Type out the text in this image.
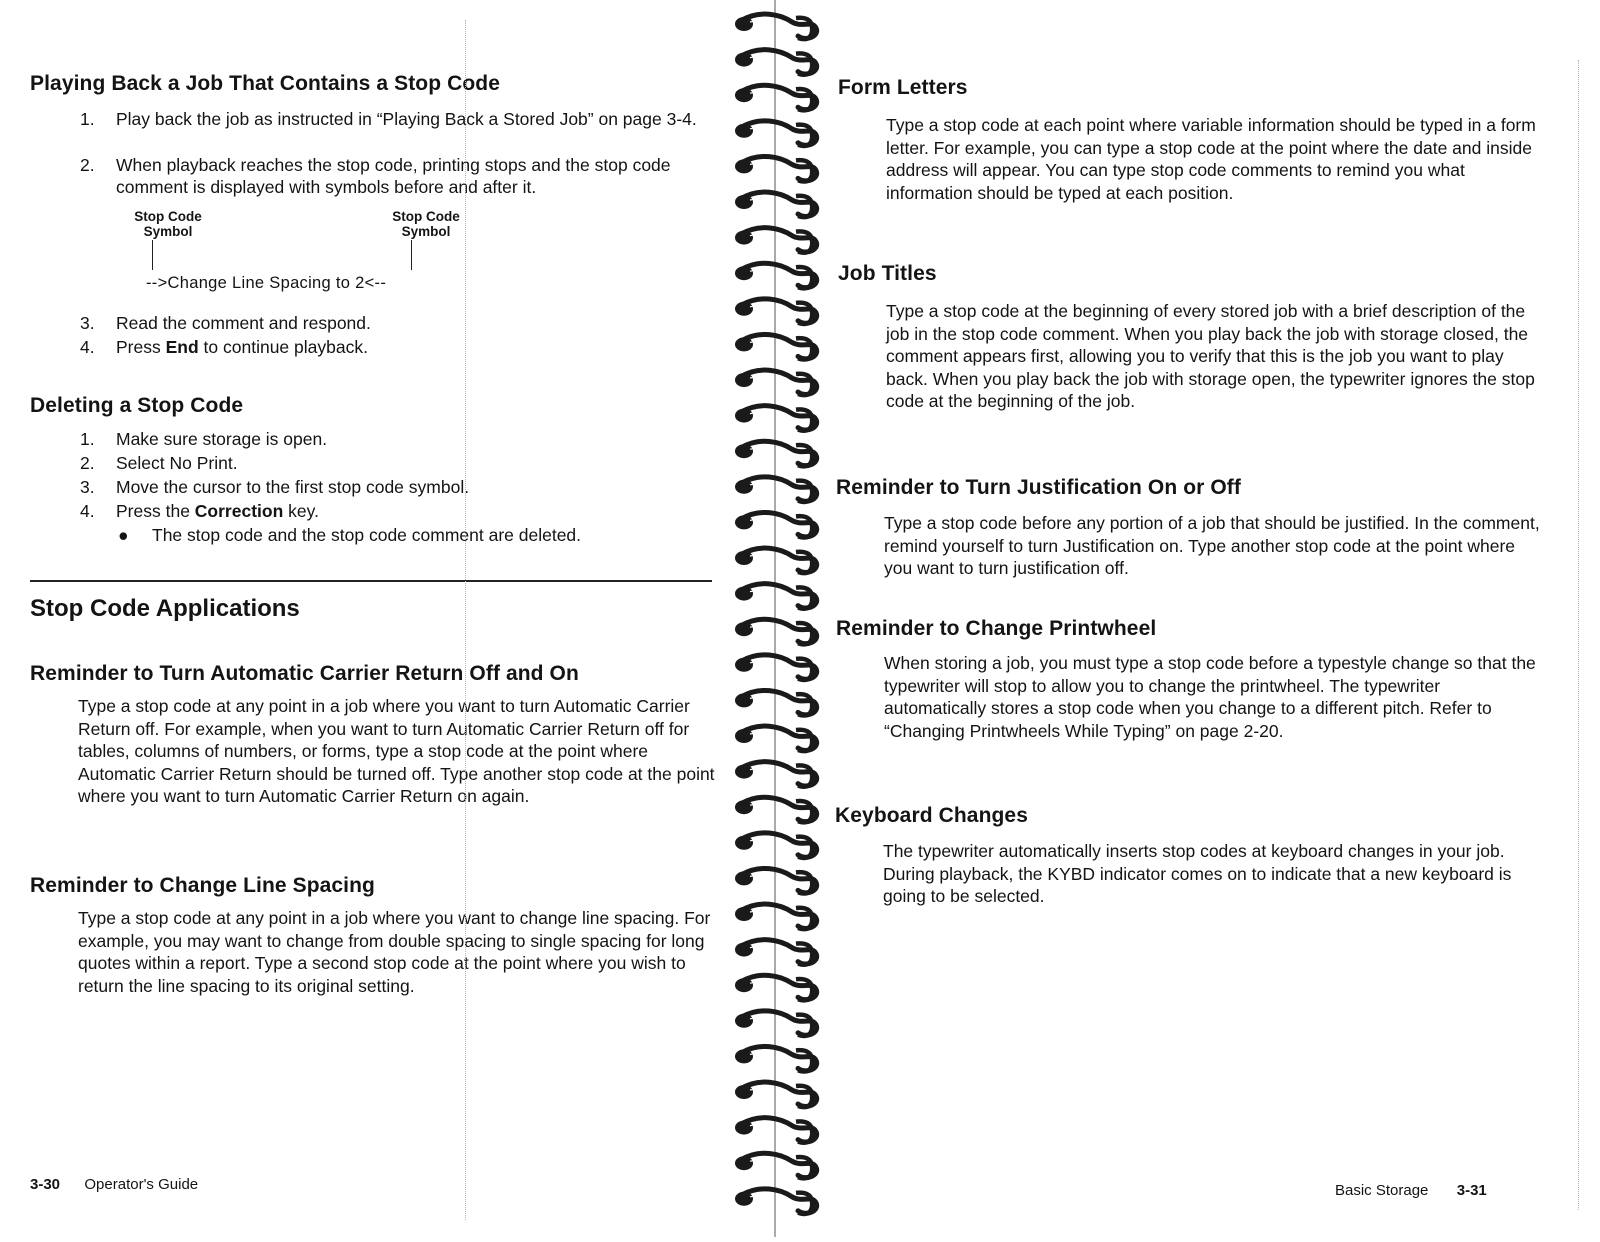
Playing Back a Job That Contains a Stop Code
1.	Play back the job as instructed in “Playing Back a Stored Job” on page 3-4.
2.	When playback reaches the stop code, printing stops and the stop code comment is displayed with symbols before and after it.
Stop Code
Symbol
Stop Code
Symbol
-->Change Line Spacing to 2<--
3.	Read the comment and respond.
4.	Press End to continue playback.
Deleting a Stop Code
1.	Make sure storage is open.
2.	Select No Print.
3.	Move the cursor to the first stop code symbol.
4.	Press the Correction key.
● The stop code and the stop code comment are deleted.
Stop Code Applications
Reminder to Turn Automatic Carrier Return Off and On
Type a stop code at any point in a job where you want to turn Automatic Carrier Return off. For example, when you want to turn Automatic Carrier Return off for tables, columns of numbers, or forms, type a stop code at the point where Automatic Carrier Return should be turned off. Type another stop code at the point where you want to turn Automatic Carrier Return on again.
Reminder to Change Line Spacing
Type a stop code at any point in a job where you want to change line spacing. For example, you may want to change from double spacing to single spacing for long quotes within a report. Type a second stop code at the point where you wish to return the line spacing to its original setting.
3-30 Operator's Guide
Form Letters
Type a stop code at each point where variable information should be typed in a form letter. For example, you can type a stop code at the point where the date and inside address will appear. You can type stop code comments to remind you what information should be typed at each position.
Job Titles
Type a stop code at the beginning of every stored job with a brief description of the job in the stop code comment. When you play back the job with storage closed, the comment appears first, allowing you to verify that this is the job you want to play back. When you play back the job with storage open, the typewriter ignores the stop code at the beginning of the job.
Reminder to Turn Justification On or Off
Type a stop code before any portion of a job that should be justified. In the comment, remind yourself to turn Justification on. Type another stop code at the point where you want to turn justification off.
Reminder to Change Printwheel
When storing a job, you must type a stop code before a typestyle change so that the typewriter will stop to allow you to change the printwheel. The typewriter automatically stores a stop code when you change to a different pitch. Refer to “Changing Printwheels While Typing” on page 2-20.
Keyboard Changes
The typewriter automatically inserts stop codes at keyboard changes in your job. During playback, the KYBD indicator comes on to indicate that a new keyboard is going to be selected.
Basic Storage 3-31
